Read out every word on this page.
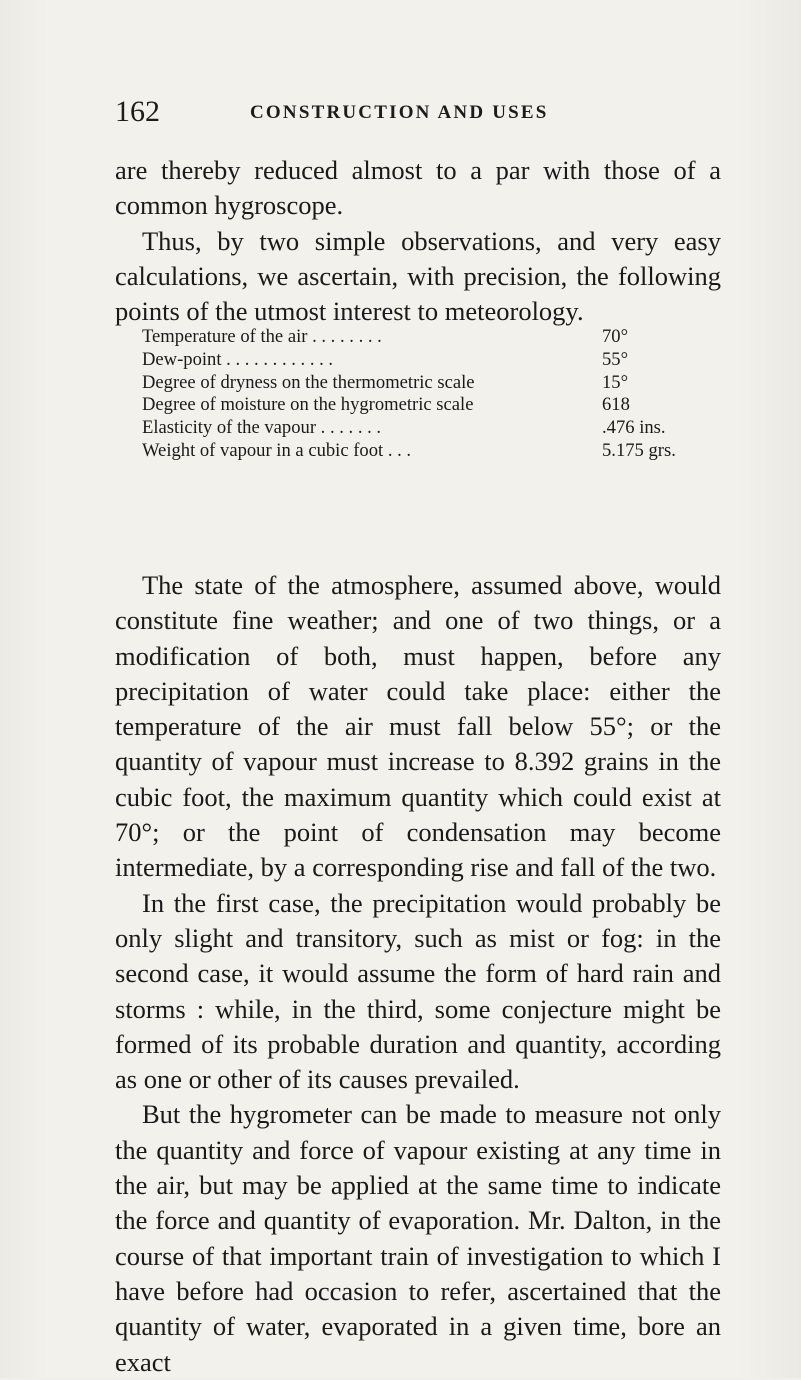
162	CONSTRUCTION AND USES

are thereby reduced almost to a par with those of a common hygroscope.

Thus, by two simple observations, and very easy calculations, we ascertain, with precision, the following points of the utmost interest to meteorology.

Temperature of the air . . . . . . . .	70°
Dew-point . . . . . . . . . . . .	55°
Degree of dryness on the thermometric scale	15°
Degree of moisture on the hygrometric scale	618
Elasticity of the vapour . . . . . . .	.476 ins.
Weight of vapour in a cubic foot . . .	5.175 grs.

The state of the atmosphere, assumed above, would constitute fine weather; and one of two things, or a modification of both, must happen, before any precipitation of water could take place: either the temperature of the air must fall below 55°; or the quantity of vapour must increase to 8.392 grains in the cubic foot, the maximum quantity which could exist at 70°; or the point of condensation may become intermediate, by a corresponding rise and fall of the two.

In the first case, the precipitation would probably be only slight and transitory, such as mist or fog: in the second case, it would assume the form of hard rain and storms : while, in the third, some conjecture might be formed of its probable duration and quantity, according as one or other of its causes prevailed.

But the hygrometer can be made to measure not only the quantity and force of vapour existing at any time in the air, but may be applied at the same time to indicate the force and quantity of evaporation. Mr. Dalton, in the course of that important train of investigation to which I have before had occasion to refer, ascertained that the quantity of water, evaporated in a given time, bore an exact
